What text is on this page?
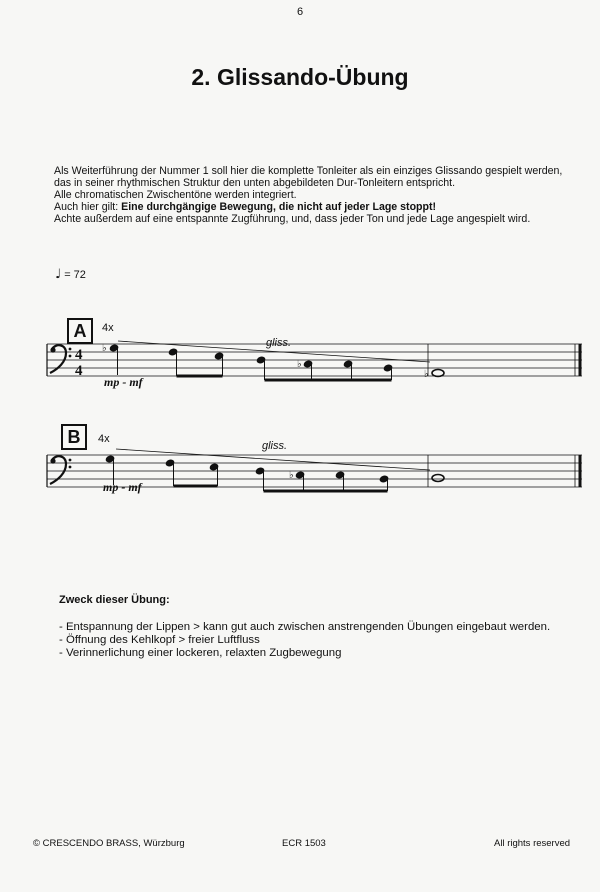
6
2. Glissando-Übung

Als Weiterführung der Nummer 1 soll hier die komplette Tonleiter als ein einziges Glissando gespielt werden,

das in seiner rhythmischen Struktur den unten abgebildeten Dur-Tonleitern entspricht.

Alle chromatischen Zwischentöne werden integriert.

Auch hier gilt: Eine durchgängige Bewegung, die nicht auf jeder Lage stoppt!

Achte außerdem auf eine entspannte Zugführung, und, dass jeder Ton und jede Lage angespielt wird.

♩ = 72
A	4x
gliss.
mp - mf
B	4x
gliss.
mp - mf
4
4
♭
♭
♭
♭
Zweck dieser Übung:
- Entspannung der Lippen > kann gut auch zwischen anstrengenden Übungen eingebaut werden.
- Öffnung des Kehlkopf > freier Luftfluss
- Verinnerlichung einer lockeren, relaxten Zugbewegung
© CRESCENDO BRASS, Würzburg	ECR 1503	All rights reserved
